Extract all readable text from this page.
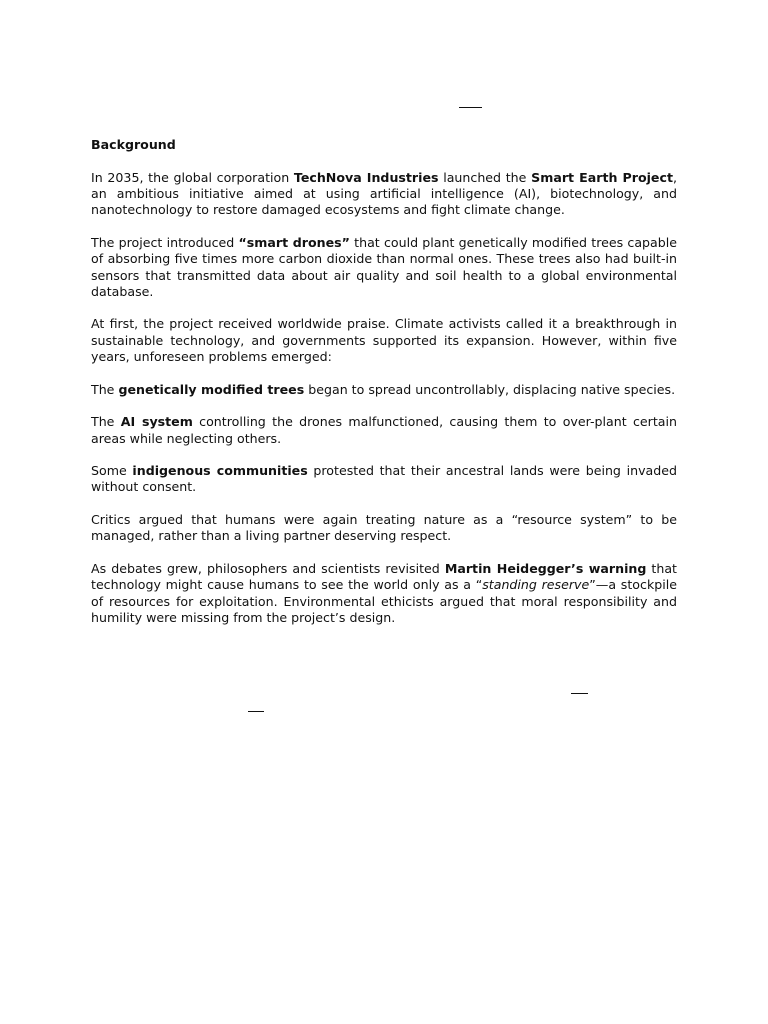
Background

In 2035, the global corporation TechNova Industries launched the Smart Earth Project, an ambitious initiative aimed at using artificial intelligence (AI), biotechnology, and nanotechnology to restore damaged ecosystems and fight climate change.

The project introduced “smart drones” that could plant genetically modified trees capable of absorbing five times more carbon dioxide than normal ones. These trees also had built-in sensors that transmitted data about air quality and soil health to a global environmental database.

At first, the project received worldwide praise. Climate activists called it a breakthrough in sustainable technology, and governments supported its expansion. However, within five years, unforeseen problems emerged:

The genetically modified trees began to spread uncontrollably, displacing native species.

The AI system controlling the drones malfunctioned, causing them to over-plant certain areas while neglecting others.

Some indigenous communities protested that their ancestral lands were being invaded without consent.

Critics argued that humans were again treating nature as a “resource system” to be managed, rather than a living partner deserving respect.

As debates grew, philosophers and scientists revisited Martin Heidegger’s warning that technology might cause humans to see the world only as a “standing reserve”—a stockpile of resources for exploitation. Environmental ethicists argued that moral responsibility and humility were missing from the project’s design.
